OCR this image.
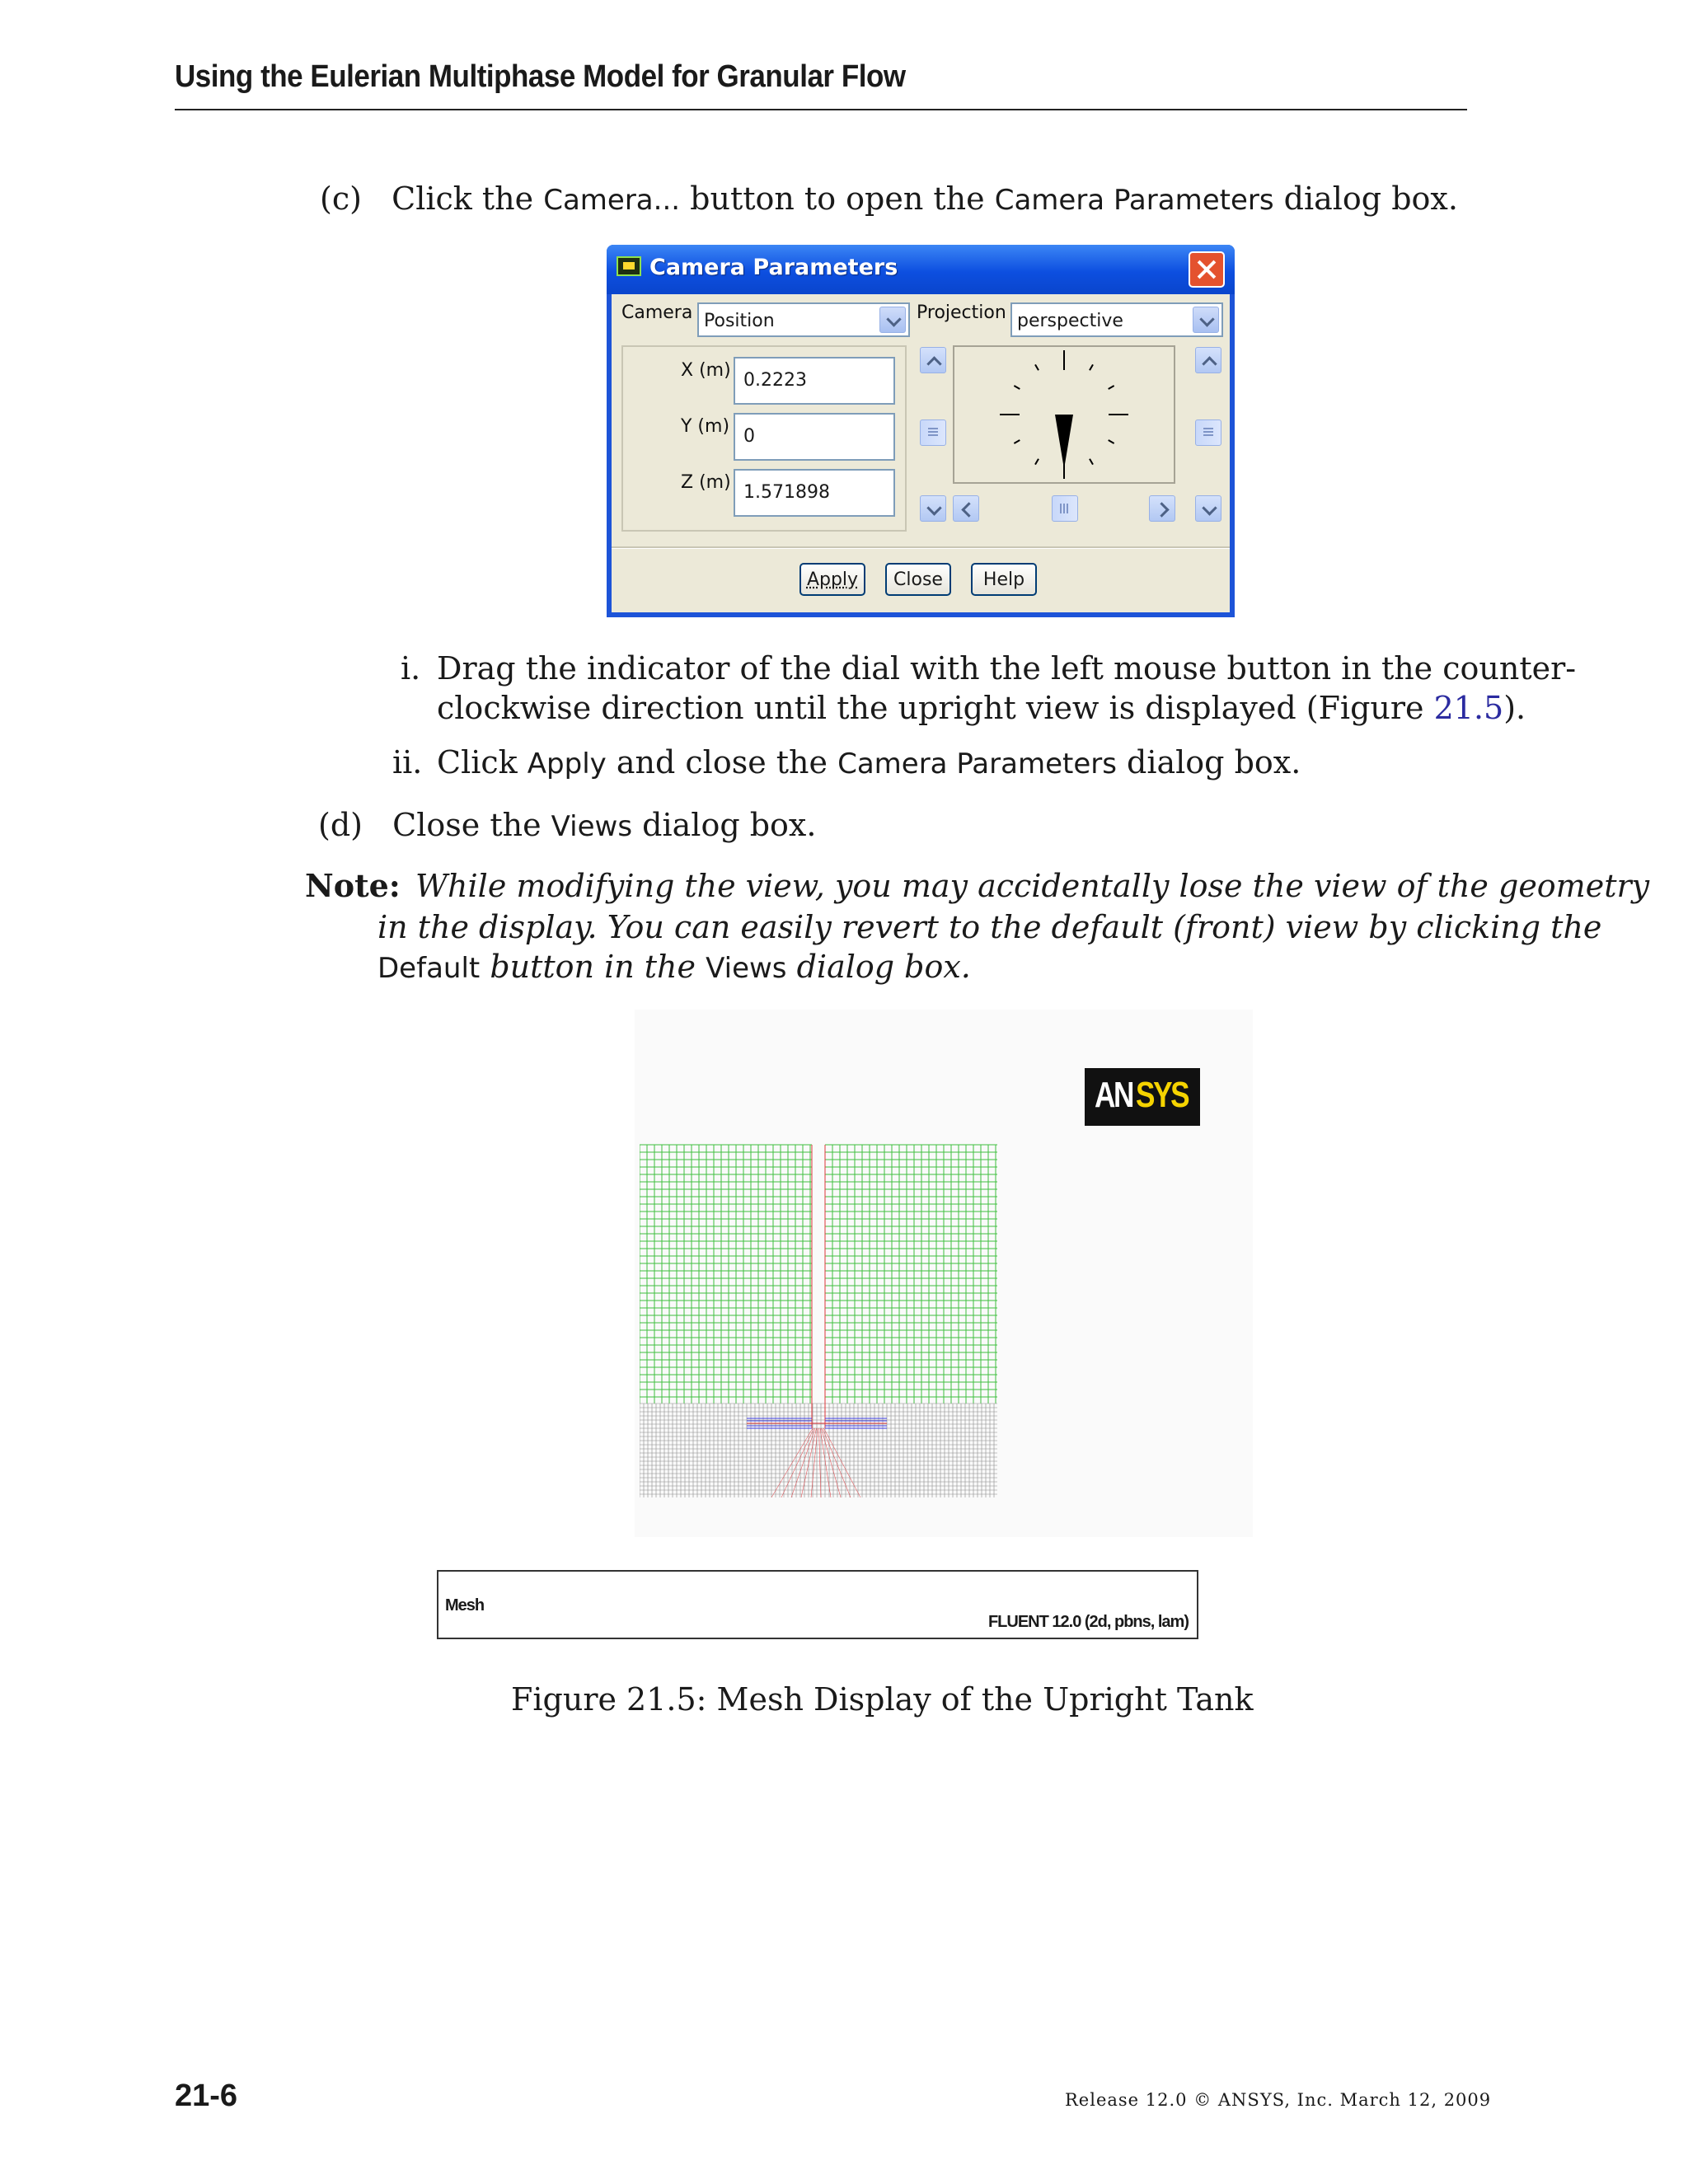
Using the Eulerian Multiphase Model for Granular Flow
(c) Click the Camera... button to open the Camera Parameters dialog box.
Camera Parameters
Camera Position	Projection perspective
X (m) 0.2223
Y (m) 0
Z (m) 1.571898
Apply	Close	Help
i. Drag the indicator of the dial with the left mouse button in the counter-
clockwise direction until the upright view is displayed (Figure 21.5).
ii. Click Apply and close the Camera Parameters dialog box.
(d) Close the Views dialog box.
Note: While modifying the view, you may accidentally lose the view of the geometry
in the display. You can easily revert to the default (front) view by clicking the
Default button in the Views dialog box.
AN SYS
Mesh
FLUENT 12.0 (2d, pbns, lam)
Figure 21.5: Mesh Display of the Upright Tank
21-6	Release 12.0 © ANSYS, Inc. March 12, 2009
